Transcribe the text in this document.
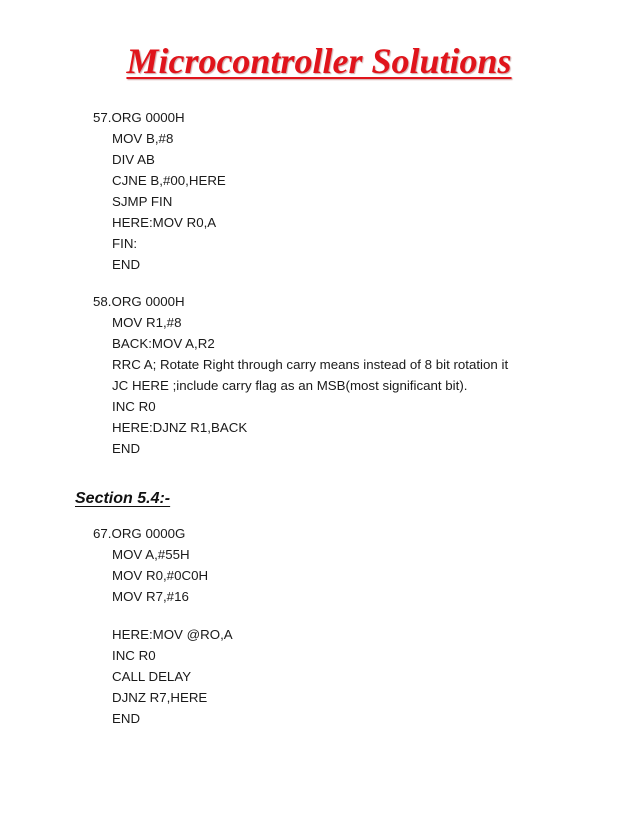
Microcontroller Solutions
57.ORG 0000H
MOV B,#8
DIV AB
CJNE B,#00,HERE
SJMP FIN
HERE:MOV R0,A
FIN:
END
58.ORG 0000H
MOV R1,#8
BACK:MOV A,R2
RRC A; Rotate Right through carry means instead of 8 bit rotation it
JC HERE ;include carry flag as an MSB(most significant bit).
INC R0
HERE:DJNZ R1,BACK
END
Section 5.4:-
67.ORG 0000G
MOV A,#55H
MOV R0,#0C0H
MOV R7,#16
HERE:MOV @RO,A
INC R0
CALL DELAY
DJNZ R7,HERE
END
